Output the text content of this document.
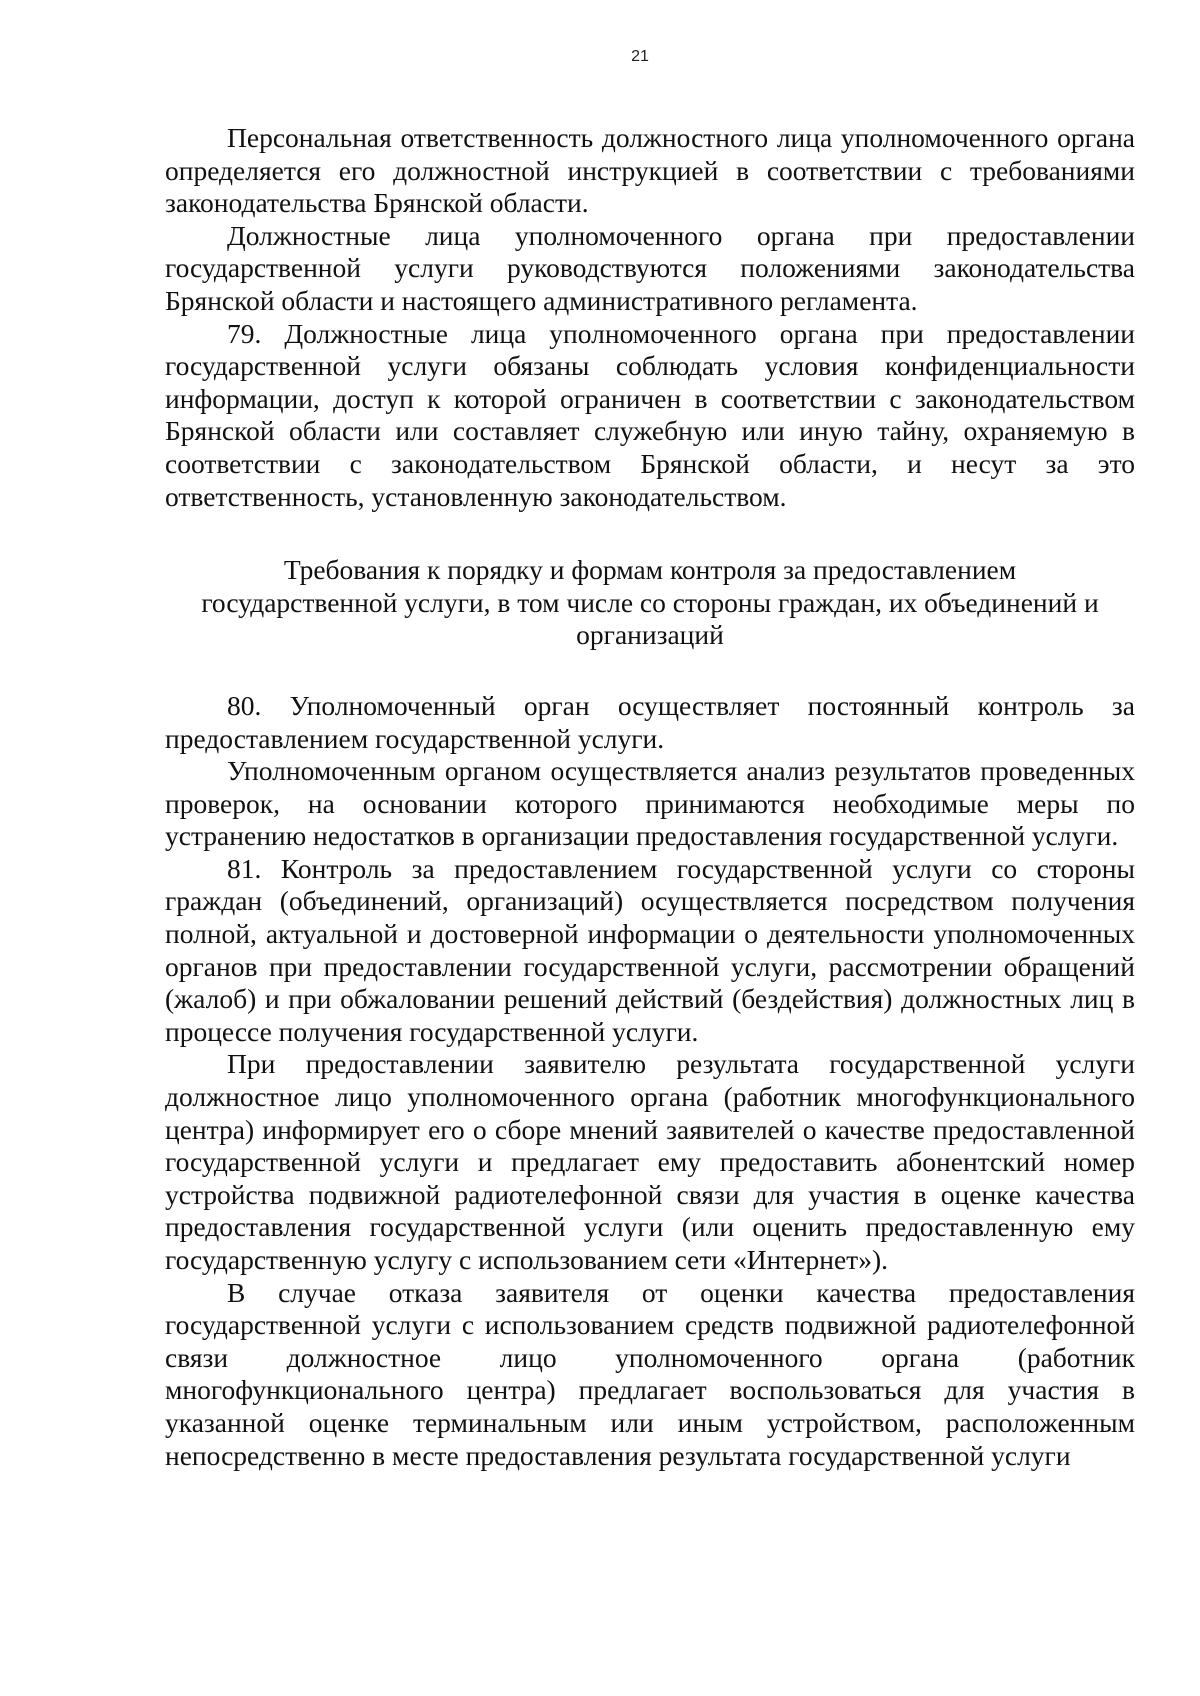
21

Персональная ответственность должностного лица уполномоченного органа определяется его должностной инструкцией в соответствии с требованиями законодательства Брянской области.

Должностные лица уполномоченного органа при предоставлении государственной услуги руководствуются положениями законодательства Брянской области и настоящего административного регламента.

79. Должностные лица уполномоченного органа при предоставлении государственной услуги обязаны соблюдать условия конфиденциальности информации, доступ к которой ограничен в соответствии с законодательством Брянской области или составляет служебную или иную тайну, охраняемую в соответствии с законодательством Брянской области, и несут за это ответственность, установленную законодательством.

Требования к порядку и формам контроля за предоставлением
государственной услуги, в том числе со стороны граждан, их объединений и
организаций

80. Уполномоченный орган осуществляет постоянный контроль за предоставлением государственной услуги.

Уполномоченным органом осуществляется анализ результатов проведенных проверок, на основании которого принимаются необходимые меры по устранению недостатков в организации предоставления государственной услуги.

81. Контроль за предоставлением государственной услуги со стороны граждан (объединений, организаций) осуществляется посредством получения полной, актуальной и достоверной информации о деятельности уполномоченных органов при предоставлении государственной услуги, рассмотрении обращений (жалоб) и при обжаловании решений действий (бездействия) должностных лиц в процессе получения государственной услуги.

При предоставлении заявителю результата государственной услуги должностное лицо уполномоченного органа (работник многофункционального центра) информирует его о сборе мнений заявителей о качестве предоставленной государственной услуги и предлагает ему предоставить абонентский номер устройства подвижной радиотелефонной связи для участия в оценке качества предоставления государственной услуги (или оценить предоставленную ему государственную услугу с использованием сети «Интернет»).

В случае отказа заявителя от оценки качества предоставления государственной услуги с использованием средств подвижной радиотелефонной связи должностное лицо уполномоченного органа (работник многофункционального центра) предлагает воспользоваться для участия в указанной оценке терминальным или иным устройством, расположенным непосредственно в месте предоставления результата государственной услуги
